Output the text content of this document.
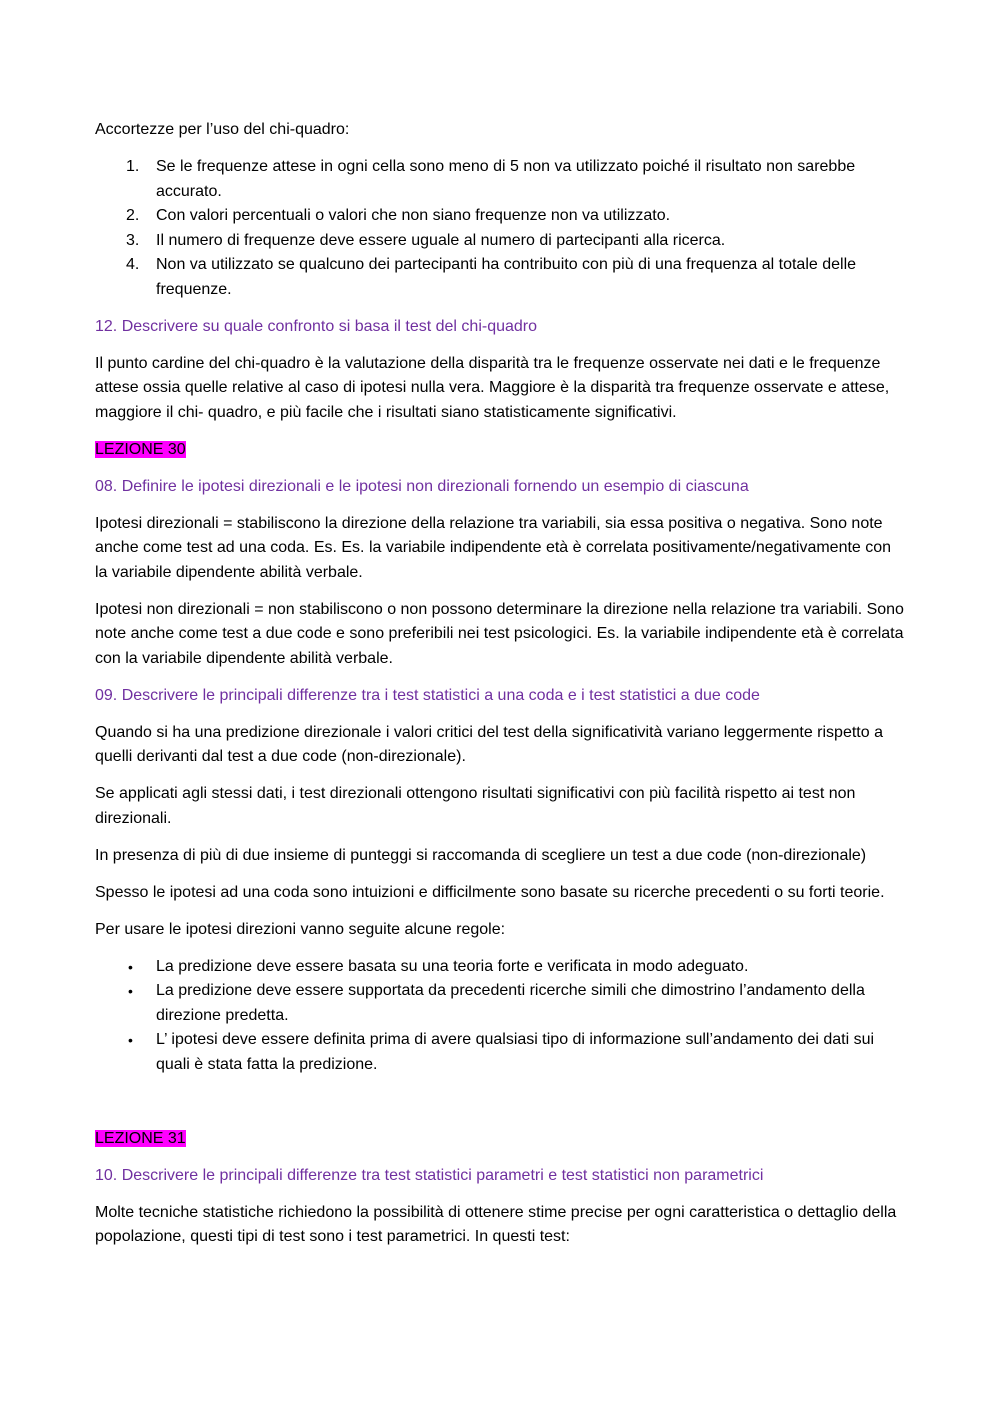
Accortezze per l’uso del chi-quadro:

1. Se le frequenze attese in ogni cella sono meno di 5 non va utilizzato poiché il risultato non sarebbe accurato.
2. Con valori percentuali o valori che non siano frequenze non va utilizzato.
3. Il numero di frequenze deve essere uguale al numero di partecipanti alla ricerca.
4. Non va utilizzato se qualcuno dei partecipanti ha contribuito con più di una frequenza al totale delle frequenze.

12. Descrivere su quale confronto si basa il test del chi-quadro

Il punto cardine del chi-quadro è la valutazione della disparità tra le frequenze osservate nei dati e le frequenze attese ossia quelle relative al caso di ipotesi nulla vera. Maggiore è la disparità tra frequenze osservate e attese, maggiore il chi- quadro, e più facile che i risultati siano statisticamente significativi.

LEZIONE 30

08. Definire le ipotesi direzionali e le ipotesi non direzionali fornendo un esempio di ciascuna

Ipotesi direzionali = stabiliscono la direzione della relazione tra variabili, sia essa positiva o negativa. Sono note anche come test ad una coda. Es. Es. la variabile indipendente età è correlata positivamente/negativamente con la variabile dipendente abilità verbale.

Ipotesi non direzionali = non stabiliscono o non possono determinare la direzione nella relazione tra variabili. Sono note anche come test a due code e sono preferibili nei test psicologici. Es. la variabile indipendente età è correlata con la variabile dipendente abilità verbale.

09. Descrivere le principali differenze tra i test statistici a una coda e i test statistici a due code

Quando si ha una predizione direzionale i valori critici del test della significatività variano leggermente rispetto a quelli derivanti dal test a due code (non-direzionale).

Se applicati agli stessi dati, i test direzionali ottengono risultati significativi con più facilità rispetto ai test non direzionali.

In presenza di più di due insieme di punteggi si raccomanda di scegliere un test a due code (non-direzionale)

Spesso le ipotesi ad una coda sono intuizioni e difficilmente sono basate su ricerche precedenti o su forti teorie.

Per usare le ipotesi direzioni vanno seguite alcune regole:

• La predizione deve essere basata su una teoria forte e verificata in modo adeguato.
• La predizione deve essere supportata da precedenti ricerche simili che dimostrino l’andamento della direzione predetta.
• L’ ipotesi deve essere definita prima di avere qualsiasi tipo di informazione sull’andamento dei dati sui quali è stata fatta la predizione.

LEZIONE 31

10. Descrivere le principali differenze tra test statistici parametri e test statistici non parametrici

Molte tecniche statistiche richiedono la possibilità di ottenere stime precise per ogni caratteristica o dettaglio della popolazione, questi tipi di test sono i test parametrici. In questi test:
